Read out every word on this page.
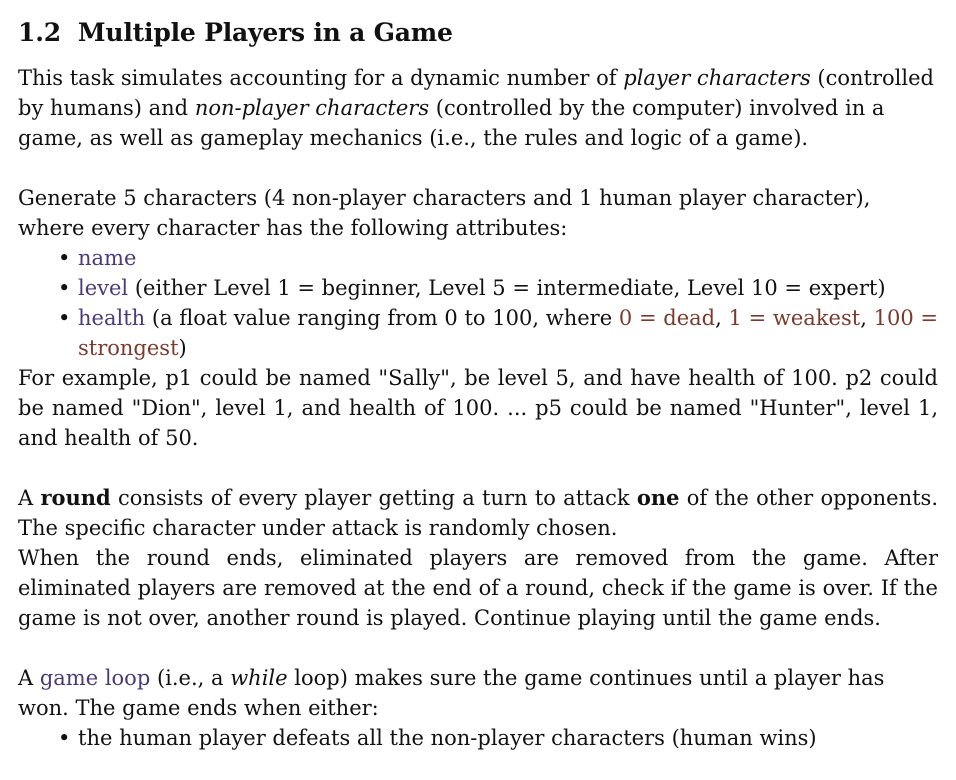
1.2 Multiple Players in a Game

This task simulates accounting for a dynamic number of player characters (controlled by humans) and non-player characters (controlled by the computer) involved in a game, as well as gameplay mechanics (i.e., the rules and logic of a game).

Generate 5 characters (4 non-player characters and 1 human player character), where every character has the following attributes:

• name
• level (either Level 1 = beginner, Level 5 = intermediate, Level 10 = expert)
• health (a float value ranging from 0 to 100, where 0 = dead, 1 = weakest, 100 = strongest)

For example, p1 could be named "Sally", be level 5, and have health of 100. p2 could be named "Dion", level 1, and health of 100. ... p5 could be named "Hunter", level 1, and health of 50.

A round consists of every player getting a turn to attack one of the other opponents. The specific character under attack is randomly chosen.

When the round ends, eliminated players are removed from the game. After eliminated players are removed at the end of a round, check if the game is over. If the game is not over, another round is played. Continue playing until the game ends.

A game loop (i.e., a while loop) makes sure the game continues until a player has won. The game ends when either:

• the human player defeats all the non-player characters (human wins)
